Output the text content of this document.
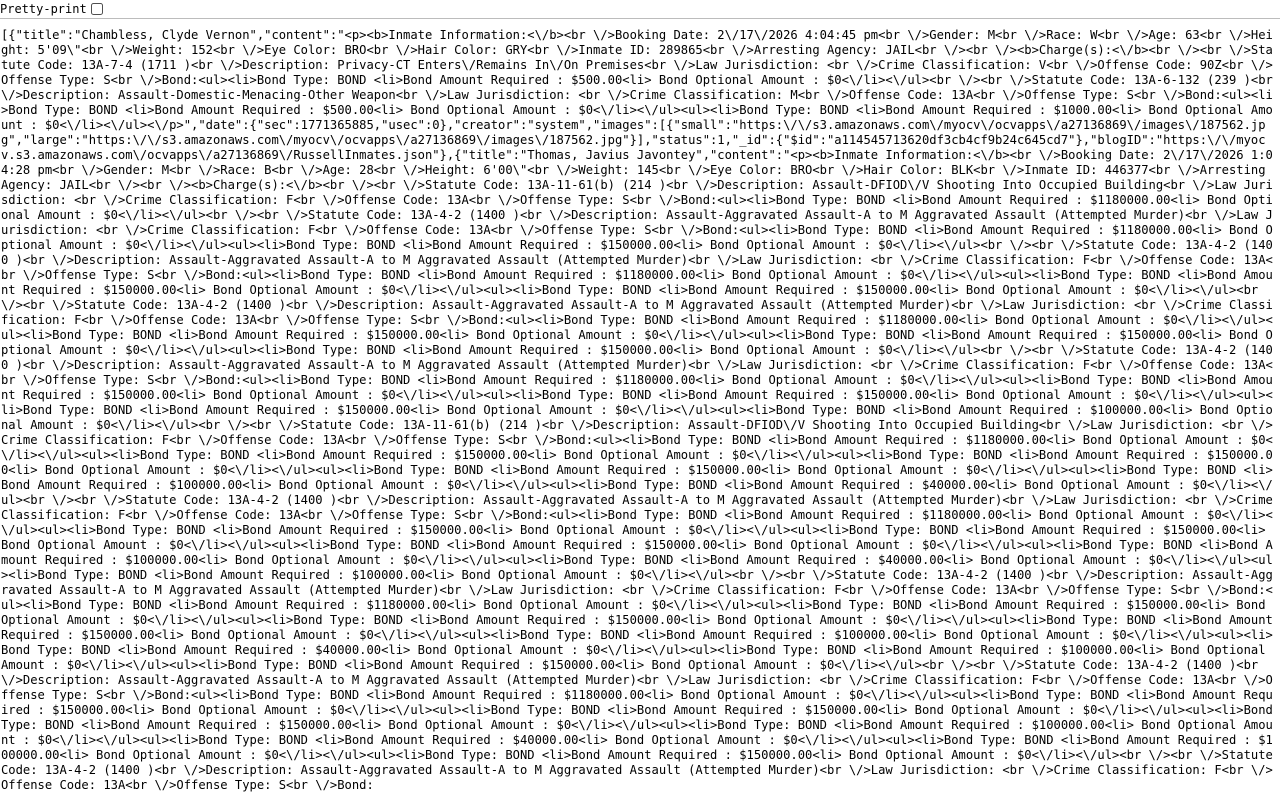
Pretty-print
[{"title":"Chambless, Clyde Vernon","content":"<p><b>Inmate Information:<\/b><br \/>Booking Date: 2\/17\/2026 4:04:45 pm<br \/>Gender: M<br \/>Race: W<br \/>Age: 63<br \/>Height: 5'09\"<br \/>Weight: 152<br \/>Eye Color: BRO<br \/>Hair Color: GRY<br \/>Inmate ID: 289865<br \/>Arresting Agency: JAIL<br \/><br \/><b>Charge(s):<\/b><br \/><br \/>Statute Code: 13A-7-4 (1711 )<br \/>Description: Privacy-CT Enters\/Remains In\/On Premises<br \/>Law Jurisdiction: <br \/>Crime Classification: V<br \/>Offense Code: 90Z<br \/>Offense Type: S<br \/>Bond:<ul><li>Bond Type: BOND <li>Bond Amount Required : $500.00<li> Bond Optional Amount : $0<\/li><\/ul><br \/><br \/>Statute Code: 13A-6-132 (239 )<br \/>Description: Assault-Domestic-Menacing-Other Weapon<br \/>Law Jurisdiction: <br \/>Crime Classification: M<br \/>Offense Code: 13A<br \/>Offense Type: S<br \/>Bond:<ul><li>Bond Type: BOND <li>Bond Amount Required : $500.00<li> Bond Optional Amount : $0<\/li><\/ul><ul><li>Bond Type: BOND <li>Bond Amount Required : $1000.00<li> Bond Optional Amount : $0<\/li><\/ul><\/p>","date":{"sec":1771365885,"usec":0},"creator":"system","images":[{"small":"https:\/\/s3.amazonaws.com\/myocv\/ocvapps\/a27136869\/images\/187562.jpg","large":"https:\/\/s3.amazonaws.com\/myocv\/ocvapps\/a27136869\/images\/187562.jpg"}],"status":1,"_id":{"$id":"a114545713620df3cb4cf9b24c645cd7"},"blogID":"https:\/\/myocv.s3.amazonaws.com\/ocvapps\/a27136869\/RussellInmates.json"},{"title":"Thomas, Javius Javontey","content":"<p><b>Inmate Information:<\/b><br \/>Booking Date: 2\/17\/2026 1:04:28 pm<br \/>Gender: M<br \/>Race: B<br \/>Age: 28<br \/>Height: 6'00\"<br \/>Weight: 145<br \/>Eye Color: BRO<br \/>Hair Color: BLK<br \/>Inmate ID: 446377<br \/>Arresting Agency: JAIL<br \/><br \/><b>Charge(s):<\/b><br \/><br \/>Statute Code: 13A-11-61(b) (214 )<br \/>Description: Assault-DFIOD\/V Shooting Into Occupied Building<br \/>Law Jurisdiction: <br \/>Crime Classification: F<br \/>Offense Code: 13A<br \/>Offense Type: S<br \/>Bond:<ul><li>Bond Type: BOND <li>Bond Amount Required : $1180000.00<li> Bond Optional Amount : $0<\/li><\/ul><br \/><br \/>Statute Code: 13A-4-2 (1400 )<br \/>Description: Assault-Aggravated Assault-A to M Aggravated Assault (Attempted Murder)<br \/>Law Jurisdiction: <br \/>Crime Classification: F<br \/>Offense Code: 13A<br \/>Offense Type: S<br \/>Bond:<ul><li>Bond Type: BOND <li>Bond Amount Required : $1180000.00<li> Bond Optional Amount : $0<\/li><\/ul><ul><li>Bond Type: BOND <li>Bond Amount Required : $150000.00<li> Bond Optional Amount : $0<\/li><\/ul><br \/><br \/>Statute Code: 13A-4-2 (1400 )<br \/>Description: Assault-Aggravated Assault-A to M Aggravated Assault (Attempted Murder)<br \/>Law Jurisdiction: <br \/>Crime Classification: F<br \/>Offense Code: 13A<br \/>Offense Type: S<br \/>Bond:<ul><li>Bond Type: BOND <li>Bond Amount Required : $1180000.00<li> Bond Optional Amount : $0<\/li><\/ul><ul><li>Bond Type: BOND <li>Bond Amount Required : $150000.00<li> Bond Optional Amount : $0<\/li><\/ul><ul><li>Bond Type: BOND <li>Bond Amount Required : $150000.00<li> Bond Optional Amount : $0<\/li><\/ul><br \/><br \/>Statute Code: 13A-4-2 (1400 )<br \/>Description: Assault-Aggravated Assault-A to M Aggravated Assault (Attempted Murder)<br \/>Law Jurisdiction: <br \/>Crime Classification: F<br \/>Offense Code: 13A<br \/>Offense Type: S<br \/>Bond:<ul><li>Bond Type: BOND <li>Bond Amount Required : $1180000.00<li> Bond Optional Amount : $0<\/li><\/ul><ul><li>Bond Type: BOND <li>Bond Amount Required : $150000.00<li> Bond Optional Amount : $0<\/li><\/ul><ul><li>Bond Type: BOND <li>Bond Amount Required : $150000.00<li> Bond Optional Amount : $0<\/li><\/ul><ul><li>Bond Type: BOND <li>Bond Amount Required : $150000.00<li> Bond Optional Amount : $0<\/li><\/ul><br \/><br \/>Statute Code: 13A-4-2 (1400 )<br \/>Description: Assault-Aggravated Assault-A to M Aggravated Assault (Attempted Murder)<br \/>Law Jurisdiction: <br \/>Crime Classification: F<br \/>Offense Code: 13A<br \/>Offense Type: S<br \/>Bond:<ul><li>Bond Type: BOND <li>Bond Amount Required : $1180000.00<li> Bond Optional Amount : $0<\/li><\/ul><ul><li>Bond Type: BOND <li>Bond Amount Required : $150000.00<li> Bond Optional Amount : $0<\/li><\/ul><ul><li>Bond Type: BOND <li>Bond Amount Required : $150000.00<li> Bond Optional Amount : $0<\/li><\/ul><ul><li>Bond Type: BOND <li>Bond Amount Required : $150000.00<li> Bond Optional Amount : $0<\/li><\/ul><ul><li>Bond Type: BOND <li>Bond Amount Required : $100000.00<li> Bond Optional Amount : $0<\/li><\/ul><br \/><br \/>Statute Code: 13A-11-61(b) (214 )<br \/>Description: Assault-DFIOD\/V Shooting Into Occupied Building<br \/>Law Jurisdiction: <br \/>Crime Classification: F<br \/>Offense Code: 13A<br \/>Offense Type: S<br \/>Bond:<ul><li>Bond Type: BOND <li>Bond Amount Required : $1180000.00<li> Bond Optional Amount : $0<\/li><\/ul><ul><li>Bond Type: BOND <li>Bond Amount Required : $150000.00<li> Bond Optional Amount : $0<\/li><\/ul><ul><li>Bond Type: BOND <li>Bond Amount Required : $150000.00<li> Bond Optional Amount : $0<\/li><\/ul><ul><li>Bond Type: BOND <li>Bond Amount Required : $150000.00<li> Bond Optional Amount : $0<\/li><\/ul><ul><li>Bond Type: BOND <li>Bond Amount Required : $100000.00<li> Bond Optional Amount : $0<\/li><\/ul><ul><li>Bond Type: BOND <li>Bond Amount Required : $40000.00<li> Bond Optional Amount : $0<\/li><\/ul><br \/><br \/>Statute Code: 13A-4-2 (1400 )<br \/>Description: Assault-Aggravated Assault-A to M Aggravated Assault (Attempted Murder)<br \/>Law Jurisdiction: <br \/>Crime Classification: F<br \/>Offense Code: 13A<br \/>Offense Type: S<br \/>Bond:<ul><li>Bond Type: BOND <li>Bond Amount Required : $1180000.00<li> Bond Optional Amount : $0<\/li><\/ul><ul><li>Bond Type: BOND <li>Bond Amount Required : $150000.00<li> Bond Optional Amount : $0<\/li><\/ul><ul><li>Bond Type: BOND <li>Bond Amount Required : $150000.00<li> Bond Optional Amount : $0<\/li><\/ul><ul><li>Bond Type: BOND <li>Bond Amount Required : $150000.00<li> Bond Optional Amount : $0<\/li><\/ul><ul><li>Bond Type: BOND <li>Bond Amount Required : $100000.00<li> Bond Optional Amount : $0<\/li><\/ul><ul><li>Bond Type: BOND <li>Bond Amount Required : $40000.00<li> Bond Optional Amount : $0<\/li><\/ul><ul><li>Bond Type: BOND <li>Bond Amount Required : $100000.00<li> Bond Optional Amount : $0<\/li><\/ul><br \/><br \/>Statute Code: 13A-4-2 (1400 )<br \/>Description: Assault-Aggravated Assault-A to M Aggravated Assault (Attempted Murder)<br \/>Law Jurisdiction: <br \/>Crime Classification: F<br \/>Offense Code: 13A<br \/>Offense Type: S<br \/>Bond:<ul><li>Bond Type: BOND <li>Bond Amount Required : $1180000.00<li> Bond Optional Amount : $0<\/li><\/ul><ul><li>Bond Type: BOND <li>Bond Amount Required : $150000.00<li> Bond Optional Amount : $0<\/li><\/ul><ul><li>Bond Type: BOND <li>Bond Amount Required : $150000.00<li> Bond Optional Amount : $0<\/li><\/ul><ul><li>Bond Type: BOND <li>Bond Amount Required : $150000.00<li> Bond Optional Amount : $0<\/li><\/ul><ul><li>Bond Type: BOND <li>Bond Amount Required : $100000.00<li> Bond Optional Amount : $0<\/li><\/ul><ul><li>Bond Type: BOND <li>Bond Amount Required : $40000.00<li> Bond Optional Amount : $0<\/li><\/ul><ul><li>Bond Type: BOND <li>Bond Amount Required : $100000.00<li> Bond Optional Amount : $0<\/li><\/ul><ul><li>Bond Type: BOND <li>Bond Amount Required : $150000.00<li> Bond Optional Amount : $0<\/li><\/ul><br \/><br \/>Statute Code: 13A-4-2 (1400 )<br \/>Description: Assault-Aggravated Assault-A to M Aggravated Assault (Attempted Murder)<br \/>Law Jurisdiction: <br \/>Crime Classification: F<br \/>Offense Code: 13A<br \/>Offense Type: S<br \/>Bond:<ul><li>Bond Type: BOND <li>Bond Amount Required : $1180000.00<li> Bond Optional Amount : $0<\/li><\/ul><ul><li>Bond Type: BOND <li>Bond Amount Required : $150000.00<li> Bond Optional Amount : $0<\/li><\/ul><ul><li>Bond Type: BOND <li>Bond Amount Required : $150000.00<li> Bond Optional Amount : $0<\/li><\/ul><ul><li>Bond Type: BOND <li>Bond Amount Required : $150000.00<li> Bond Optional Amount : $0<\/li><\/ul><ul><li>Bond Type: BOND <li>Bond Amount Required : $100000.00<li> Bond Optional Amount : $0<\/li><\/ul><ul><li>Bond Type: BOND <li>Bond Amount Required : $40000.00<li> Bond Optional Amount : $0<\/li><\/ul><ul><li>Bond Type: BOND <li>Bond Amount Required : $100000.00<li> Bond Optional Amount : $0<\/li><\/ul><ul><li>Bond Type: BOND <li>Bond Amount Required : $150000.00<li> Bond Optional Amount : $0<\/li><\/ul><br \/><br \/>Statute Code: 13A-4-2 (1400 )<br \/>Description: Assault-Aggravated Assault-A to M Aggravated Assault (Attempted Murder)<br \/>Law Jurisdiction: <br \/>Crime Classification: F<br \/>Offense Code: 13A<br \/>Offense Type: S<br \/>Bond:
